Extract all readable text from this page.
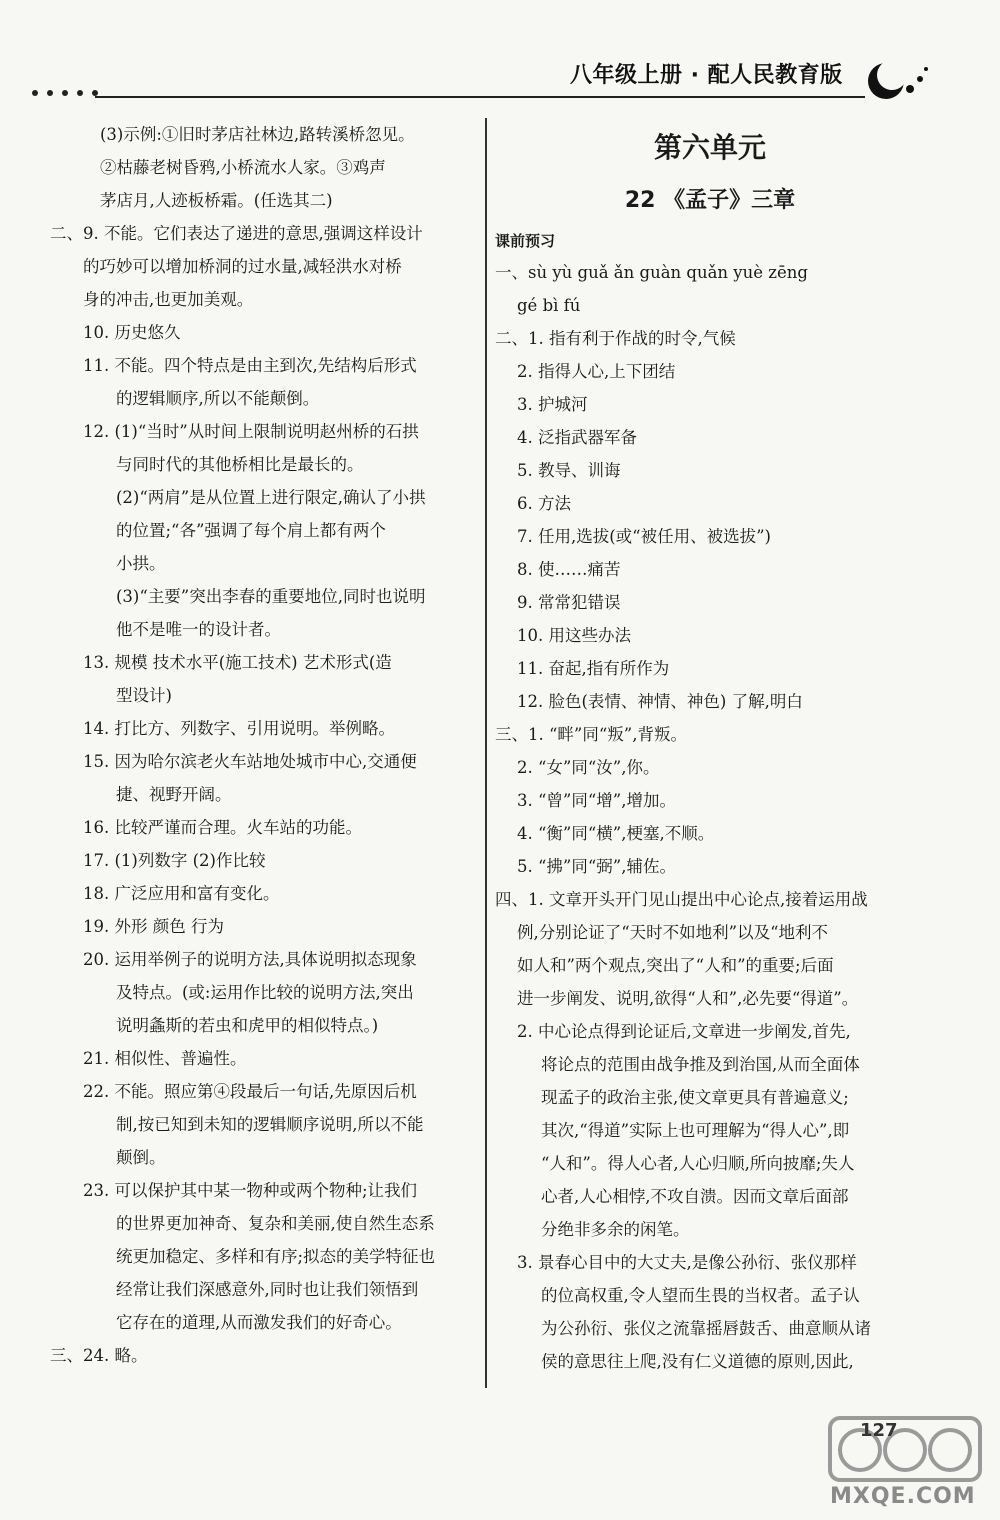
八年级上册 · 配人民教育版
(3)示例:①旧时茅店社林边,路转溪桥忽见。
②枯藤老树昏鸦,小桥流水人家。③鸡声
茅店月,人迹板桥霜。(任选其二)
二、9. 不能。它们表达了递进的意思,强调这样设计
的巧妙可以增加桥洞的过水量,减轻洪水对桥
身的冲击,也更加美观。
10. 历史悠久
11. 不能。四个特点是由主到次,先结构后形式
的逻辑顺序,所以不能颠倒。
12. (1)“当时”从时间上限制说明赵州桥的石拱
与同时代的其他桥相比是最长的。
(2)“两肩”是从位置上进行限定,确认了小拱
的位置;“各”强调了每个肩上都有两个
小拱。
(3)“主要”突出李春的重要地位,同时也说明
他不是唯一的设计者。
13. 规模 技术水平(施工技术) 艺术形式(造
型设计)
14. 打比方、列数字、引用说明。举例略。
15. 因为哈尔滨老火车站地处城市中心,交通便
捷、视野开阔。
16. 比较严谨而合理。火车站的功能。
17. (1)列数字 (2)作比较
18. 广泛应用和富有变化。
19. 外形 颜色 行为
20. 运用举例子的说明方法,具体说明拟态现象
及特点。(或:运用作比较的说明方法,突出
说明螽斯的若虫和虎甲的相似特点。)
21. 相似性、普遍性。
22. 不能。照应第④段最后一句话,先原因后机
制,按已知到未知的逻辑顺序说明,所以不能
颠倒。
23. 可以保护其中某一物种或两个物种;让我们
的世界更加神奇、复杂和美丽,使自然生态系
统更加稳定、多样和有序;拟态的美学特征也
经常让我们深感意外,同时也让我们领悟到
它存在的道理,从而激发我们的好奇心。
三、24. 略。
第六单元
22 《孟子》三章
课前预习
一、sù yù guǎ ǎn guàn quǎn yuè zēng
gé bì fú
二、1. 指有利于作战的时令,气候
2. 指得人心,上下团结
3. 护城河
4. 泛指武器军备
5. 教导、训诲
6. 方法
7. 任用,选拔(或“被任用、被选拔”)
8. 使……痛苦
9. 常常犯错误
10. 用这些办法
11. 奋起,指有所作为
12. 脸色(表情、神情、神色) 了解,明白
三、1. “畔”同“叛”,背叛。
2. “女”同“汝”,你。
3. “曾”同“增”,增加。
4. “衡”同“横”,梗塞,不顺。
5. “拂”同“弼”,辅佐。
四、1. 文章开头开门见山提出中心论点,接着运用战
例,分别论证了“天时不如地利”以及“地利不
如人和”两个观点,突出了“人和”的重要;后面
进一步阐发、说明,欲得“人和”,必先要“得道”。
2. 中心论点得到论证后,文章进一步阐发,首先,
将论点的范围由战争推及到治国,从而全面体
现孟子的政治主张,使文章更具有普遍意义;
其次,“得道”实际上也可理解为“得人心”,即
“人和”。得人心者,人心归顺,所向披靡;失人
心者,人心相悖,不攻自溃。因而文章后面部
分绝非多余的闲笔。
3. 景春心目中的大丈夫,是像公孙衍、张仪那样
的位高权重,令人望而生畏的当权者。孟子认
为公孙衍、张仪之流靠摇唇鼓舌、曲意顺从诸
侯的意思往上爬,没有仁义道德的原则,因此,
127
MXQE.COM
